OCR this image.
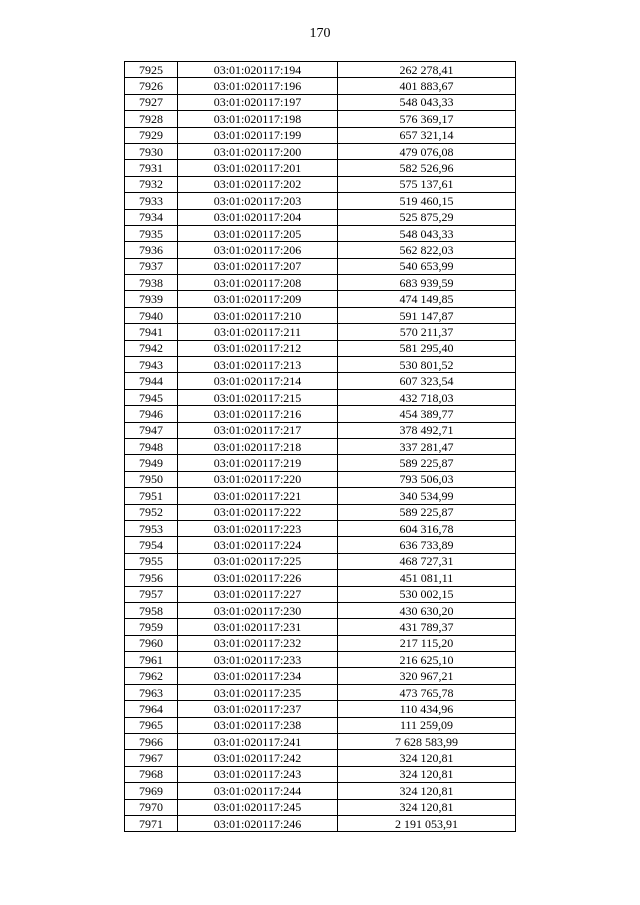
170
7925	03:01:020117:194	262 278,41
7926	03:01:020117:196	401 883,67
7927	03:01:020117:197	548 043,33
7928	03:01:020117:198	576 369,17
7929	03:01:020117:199	657 321,14
7930	03:01:020117:200	479 076,08
7931	03:01:020117:201	582 526,96
7932	03:01:020117:202	575 137,61
7933	03:01:020117:203	519 460,15
7934	03:01:020117:204	525 875,29
7935	03:01:020117:205	548 043,33
7936	03:01:020117:206	562 822,03
7937	03:01:020117:207	540 653,99
7938	03:01:020117:208	683 939,59
7939	03:01:020117:209	474 149,85
7940	03:01:020117:210	591 147,87
7941	03:01:020117:211	570 211,37
7942	03:01:020117:212	581 295,40
7943	03:01:020117:213	530 801,52
7944	03:01:020117:214	607 323,54
7945	03:01:020117:215	432 718,03
7946	03:01:020117:216	454 389,77
7947	03:01:020117:217	378 492,71
7948	03:01:020117:218	337 281,47
7949	03:01:020117:219	589 225,87
7950	03:01:020117:220	793 506,03
7951	03:01:020117:221	340 534,99
7952	03:01:020117:222	589 225,87
7953	03:01:020117:223	604 316,78
7954	03:01:020117:224	636 733,89
7955	03:01:020117:225	468 727,31
7956	03:01:020117:226	451 081,11
7957	03:01:020117:227	530 002,15
7958	03:01:020117:230	430 630,20
7959	03:01:020117:231	431 789,37
7960	03:01:020117:232	217 115,20
7961	03:01:020117:233	216 625,10
7962	03:01:020117:234	320 967,21
7963	03:01:020117:235	473 765,78
7964	03:01:020117:237	110 434,96
7965	03:01:020117:238	111 259,09
7966	03:01:020117:241	7 628 583,99
7967	03:01:020117:242	324 120,81
7968	03:01:020117:243	324 120,81
7969	03:01:020117:244	324 120,81
7970	03:01:020117:245	324 120,81
7971	03:01:020117:246	2 191 053,91
